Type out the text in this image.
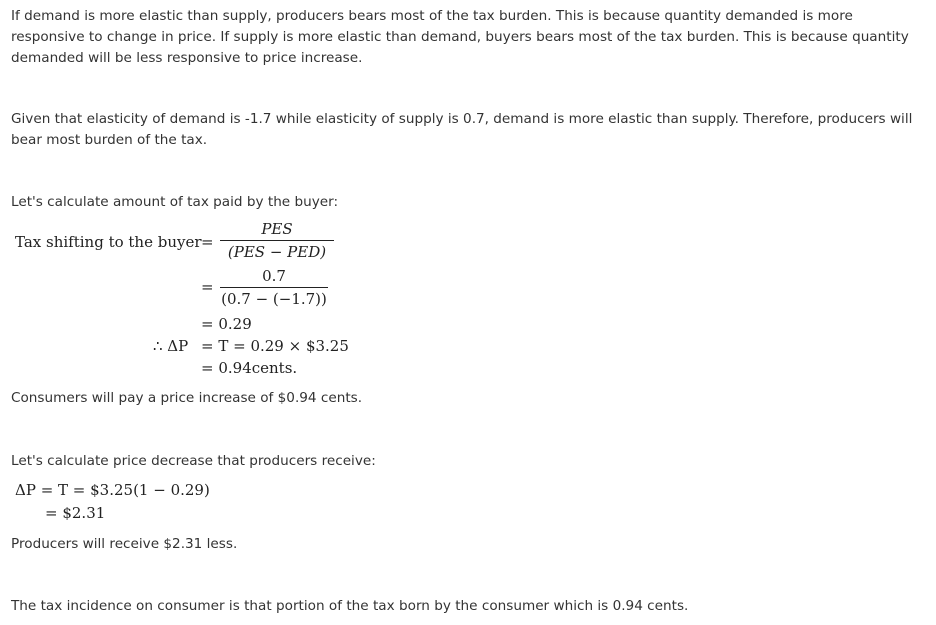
If demand is more elastic than supply, producers bears most of the tax burden. This is because quantity demanded is more responsive to change in price. If supply is more elastic than demand, buyers bears most of the tax burden. This is because quantity demanded will be less responsive to price increase.

Given that elasticity of demand is -1.7 while elasticity of supply is 0.7, demand is more elastic than supply. Therefore, producers will bear most burden of the tax.

Let's calculate amount of tax paid by the buyer:

Tax shifting to the buyer =
PES
(PES − PED)
=
0.7
(0.7 − (−1.7))
= 0.29
∴ ΔP = T = 0.29 × $3.25
= 0.94cents.

Consumers will pay a price increase of $0.94 cents.

Let's calculate price decrease that producers receive:

ΔP = T = $3.25(1 − 0.29)
= $2.31

Producers will receive $2.31 less.

The tax incidence on consumer is that portion of the tax born by the consumer which is 0.94 cents.
